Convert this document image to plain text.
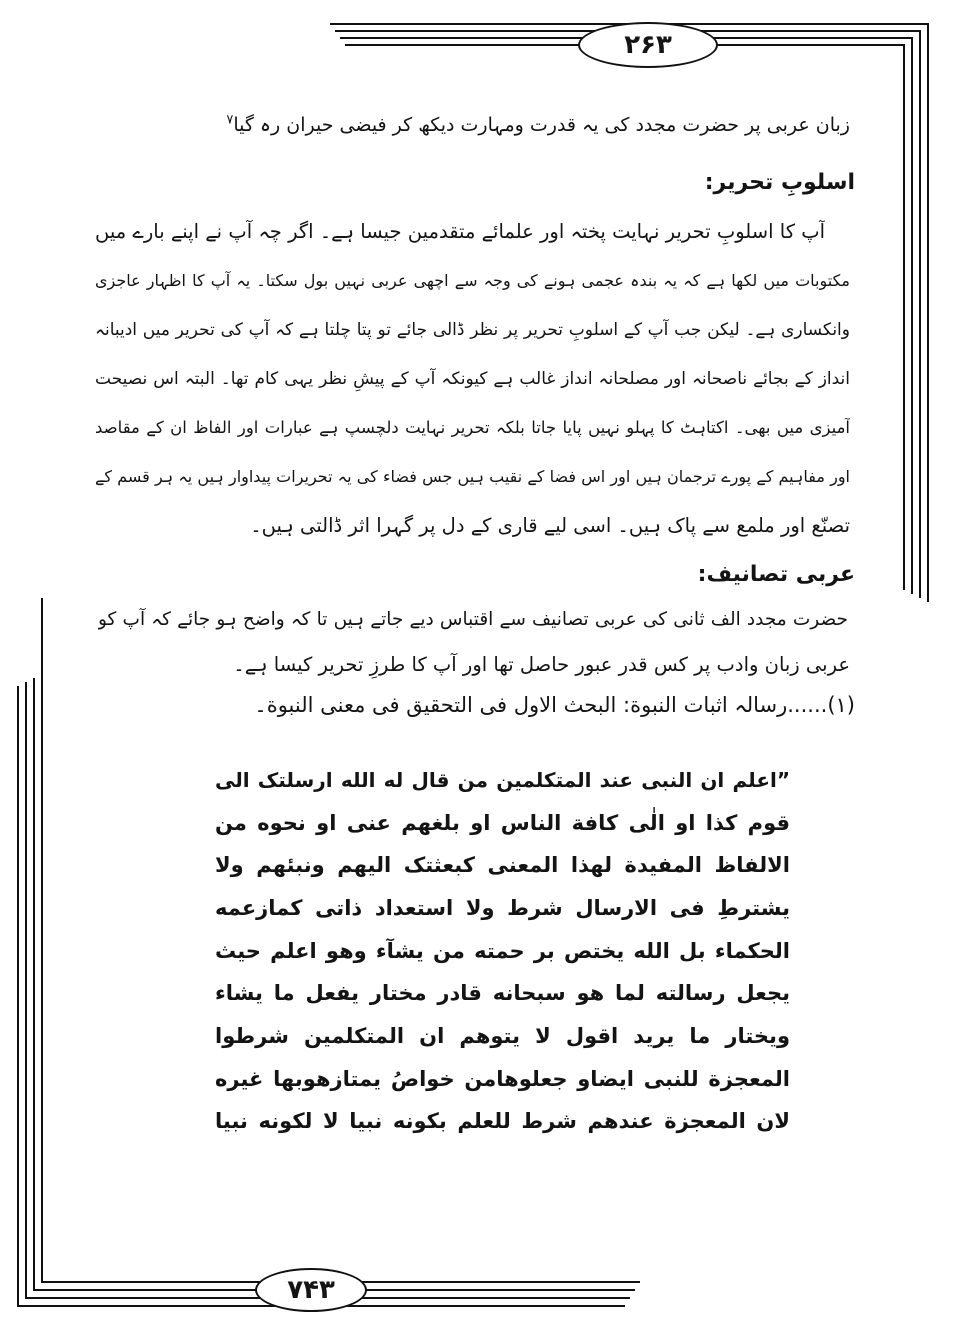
۲۶۳
زبان عربی پر حضرت مجدد کی یہ قدرت ومہارت دیکھ کر فیضی حیران رہ گیا$^۷$
اسلوبِ تحریر:
آپ کا اسلوبِ تحریر نہایت پختہ اور علمائے متقدمین جیسا ہے۔ اگر چہ آپ نے اپنے بارے میں
مکتوبات میں لکھا ہے کہ یہ بندہ عجمی ہونے کی وجہ سے اچھی عربی نہیں بول سکتا۔ یہ آپ کا اظہار عاجزی
وانکساری ہے۔ لیکن جب آپ کے اسلوبِ تحریر پر نظر ڈالی جائے تو پتا چلتا ہے کہ آپ کی تحریر میں ادیبانہ
انداز کے بجائے ناصحانہ اور مصلحانہ انداز غالب ہے کیونکہ آپ کے پیشِ نظر یہی کام تھا۔ البتہ اس نصیحت
آمیزی میں بھی۔ اکتاہٹ کا پہلو نہیں پایا جاتا بلکہ تحریر نہایت دلچسپ ہے عبارات اور الفاظ ان کے مقاصد
اور مفاہیم کے پورے ترجمان ہیں اور اس فضا کے نقیب ہیں جس فضاء کی یہ تحریرات پیداوار ہیں یہ ہر قسم کے
تصنّع اور ملمع سے پاک ہیں۔ اسی لیے قاری کے دل پر گہرا اثر ڈالتی ہیں۔
عربی تصانیف:
حضرت مجدد الف ثانی کی عربی تصانیف سے اقتباس دیے جاتے ہیں تا کہ واضح ہو جائے کہ آپ کو
عربی زبان وادب پر کس قدر عبور حاصل تھا اور آپ کا طرزِ تحریر کیسا ہے۔
(۱)......رسالہ اثبات النبوة: البحث الاول فی التحقیق فی معنی النبوة۔
”اعلم ان النبی عند المتکلمین من قال له الله ارسلتک الی
قوم کذا او الٰی کافة الناس او بلغهم عنی او نحوه من
الالفاظ المفیدة لهذا المعنی کبعثتک الیهم ونبئهم ولا
یشترطِ فی الارسال شرط ولا استعداد ذاتی کمازعمه
الحکماء بل الله یختص بر حمته من یشآء وهو اعلم حیث
یجعل رسالته لما هو سبحانه قادر مختار یفعل ما یشاء
ویختار ما یرید اقول لا یتوهم ان المتکلمین شرطوا
المعجزة للنبی ایضاو جعلوهامن خواصُ یمتازهوبها غیره
لان المعجزة عندهم شرط للعلم بکونه نبیا لا لکونه نبیا
۷۴۳
